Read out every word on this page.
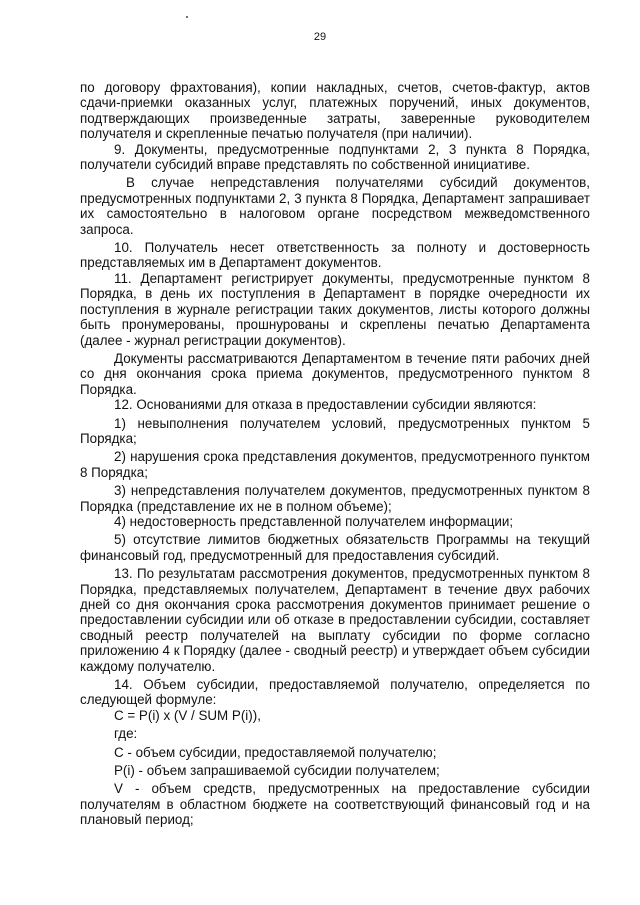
29

по договору фрахтования), копии накладных, счетов, счетов-фактур, актов сдачи-приемки оказанных услуг, платежных поручений, иных документов, подтверждающих произведенные затраты, заверенные руководителем получателя и скрепленные печатью получателя (при наличии).

9. Документы, предусмотренные подпунктами 2, 3 пункта 8 Порядка, получатели субсидий вправе представлять по собственной инициативе.

В случае непредставления получателями субсидий документов, предусмотренных подпунктами 2, 3 пункта 8 Порядка, Департамент запрашивает их самостоятельно в налоговом органе посредством межведомственного запроса.

10. Получатель несет ответственность за полноту и достоверность представляемых им в Департамент документов.

11. Департамент регистрирует документы, предусмотренные пунктом 8 Порядка, в день их поступления в Департамент в порядке очередности их поступления в журнале регистрации таких документов, листы которого должны быть пронумерованы, прошнурованы и скреплены печатью Департамента (далее - журнал регистрации документов).

Документы рассматриваются Департаментом в течение пяти рабочих дней со дня окончания срока приема документов, предусмотренного пунктом 8 Порядка.

12. Основаниями для отказа в предоставлении субсидии являются:

1) невыполнения получателем условий, предусмотренных пунктом 5 Порядка;

2) нарушения срока представления документов, предусмотренного пунктом 8 Порядка;

3) непредставления получателем документов, предусмотренных пунктом 8 Порядка (представление их не в полном объеме);

4) недостоверность представленной получателем информации;

5) отсутствие лимитов бюджетных обязательств Программы на текущий финансовый год, предусмотренный для предоставления субсидий.

13. По результатам рассмотрения документов, предусмотренных пунктом 8 Порядка, представляемых получателем, Департамент в течение двух рабочих дней со дня окончания срока рассмотрения документов принимает решение о предоставлении субсидии или об отказе в предоставлении субсидии, составляет сводный реестр получателей на выплату субсидии по форме согласно приложению 4 к Порядку (далее - сводный реестр) и утверждает объем субсидии каждому получателю.

14. Объем субсидии, предоставляемой получателю, определяется по следующей формуле:

C = P(i) x (V / SUM P(i)),

где:

C - объем субсидии, предоставляемой получателю;

P(i) - объем запрашиваемой субсидии получателем;

V - объем средств, предусмотренных на предоставление субсидии получателям в областном бюджете на соответствующий финансовый год и на плановый период;
